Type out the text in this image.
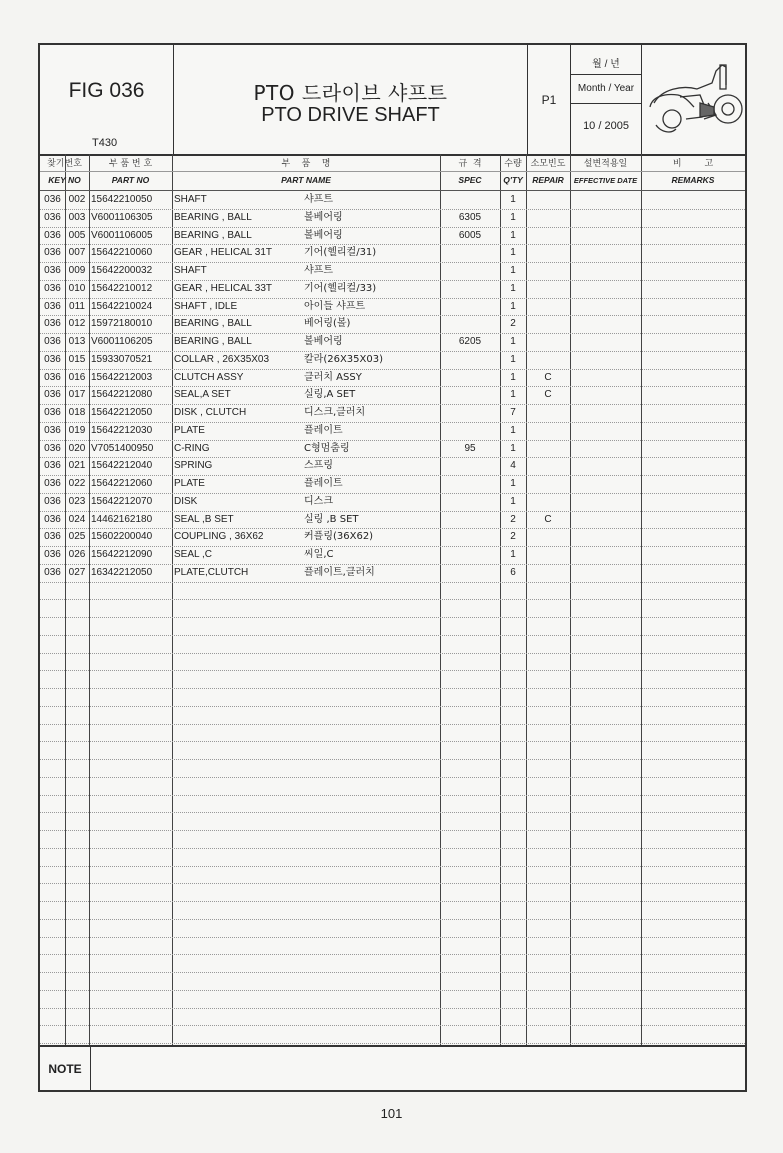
FIG 036
T430
PTO 드라이브 샤프트
PTO DRIVE SHAFT
P1
월 / 년
Month / Year
10 / 2005
찾기번호
KEY NO
부 품 번 호
PART NO
부    품    명
PART NAME
규  격
SPEC
수량
Q'TY
소모빈도
REPAIR
설변적용일
EFFECTIVE DATE
비        고
REMARKS
036 002 15642210050	SHAFT	샤프트	1
036 003 V6001106305	BEARING , BALL	볼베어링	6305	1
036 005 V6001106005	BEARING , BALL	볼베어링	6005	1
036 007 15642210060	GEAR , HELICAL 31T	기어(헬리컬/31)	1
036 009 15642200032	SHAFT	샤프트	1
036 010 15642210012	GEAR , HELICAL 33T	기어(헬리컬/33)	1
036 011 15642210024	SHAFT , IDLE	아이들 샤프트	1
036 012 15972180010	BEARING , BALL	베어링(볼)	2
036 013 V6001106205	BEARING , BALL	볼베어링	6205	1
036 015 15933070521	COLLAR , 26X35X03	칼라(26X35X03)	1
036 016 15642212003	CLUTCH ASSY	클러치 ASSY	1	C
036 017 15642212080	SEAL,A SET	실링,A SET	1	C
036 018 15642212050	DISK , CLUTCH	디스크,클러치	7
036 019 15642212030	PLATE	플레이트	1
036 020 V7051400950	C-RING	C형멈춤링	95	1
036 021 15642212040	SPRING	스프링	4
036 022 15642212060	PLATE	플레이트	1
036 023 15642212070	DISK	디스크	1
036 024 14462162180	SEAL ,B SET	실링 ,B SET	2	C
036 025 15602200040	COUPLING , 36X62	커플링(36X62)	2
036 026 15642212090	SEAL ,C	씨일,C	1
036 027 16342212050	PLATE,CLUTCH	플레이트,클러치	6
NOTE
101
